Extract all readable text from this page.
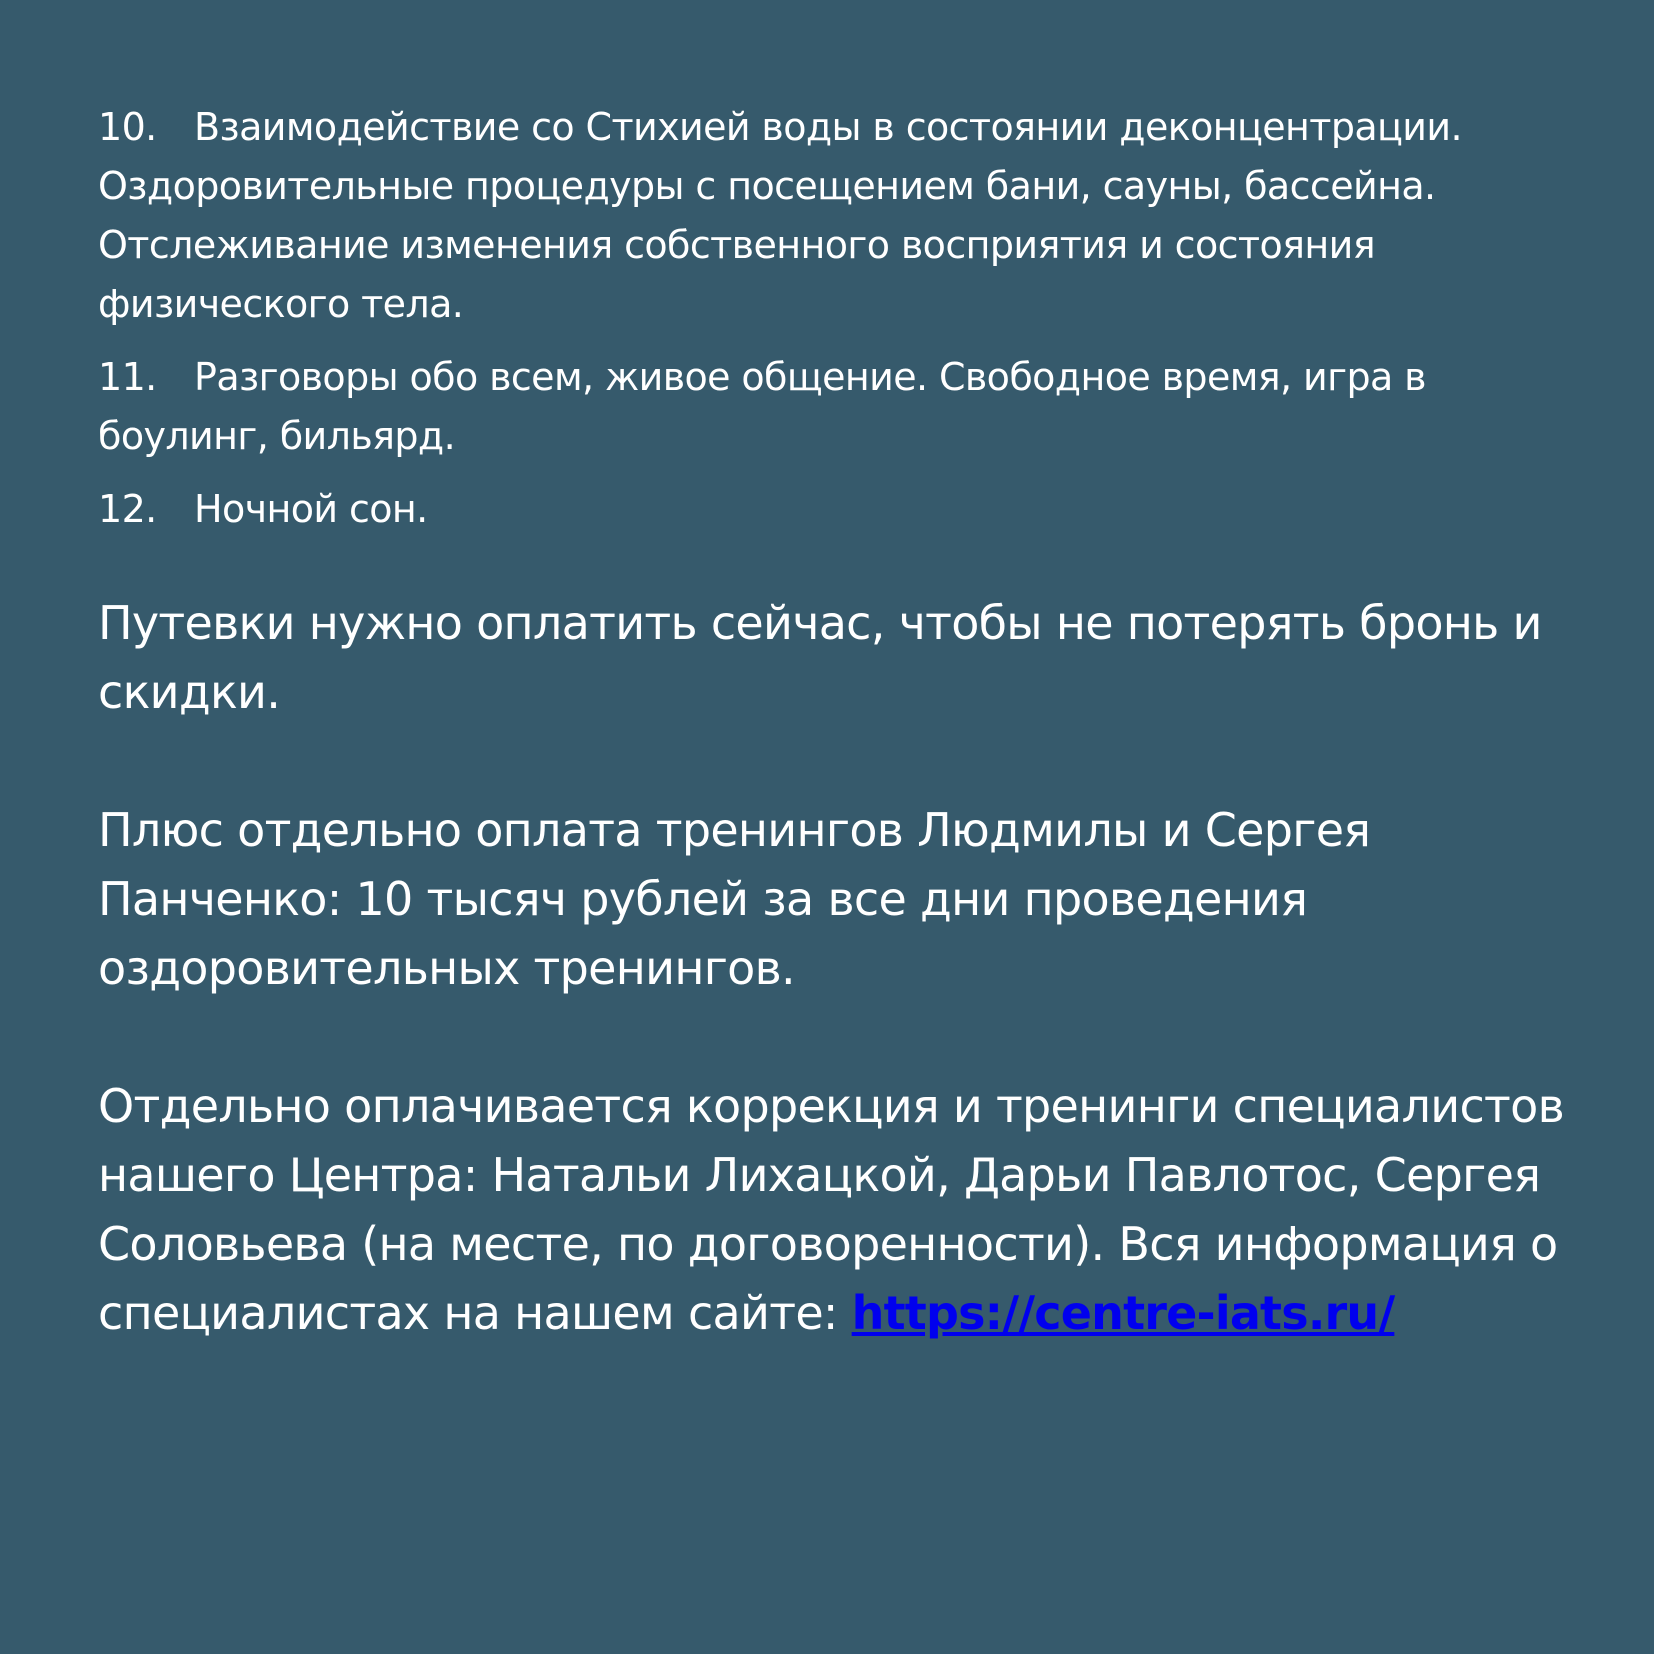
10. Взаимодействие со Стихией воды в состоянии деконцентрации. Оздоровительные процедуры с посещением бани, сауны, бассейна. Отслеживание изменения собственного восприятия и состояния физического тела.
11. Разговоры обо всем, живое общение. Свободное время, игра в боулинг, бильярд.
12. Ночной сон.

Путевки нужно оплатить сейчас, чтобы не потерять бронь и скидки.

Плюс отдельно оплата тренингов Людмилы и Сергея Панченко: 10 тысяч рублей за все дни проведения оздоровительных тренингов.

Отдельно оплачивается коррекция и тренинги специалистов нашего Центра: Натальи Лихацкой, Дарьи Павлотос, Сергея Соловьева (на месте, по договоренности). Вся информация о специалистах на нашем сайте: https://centre-iats.ru/
